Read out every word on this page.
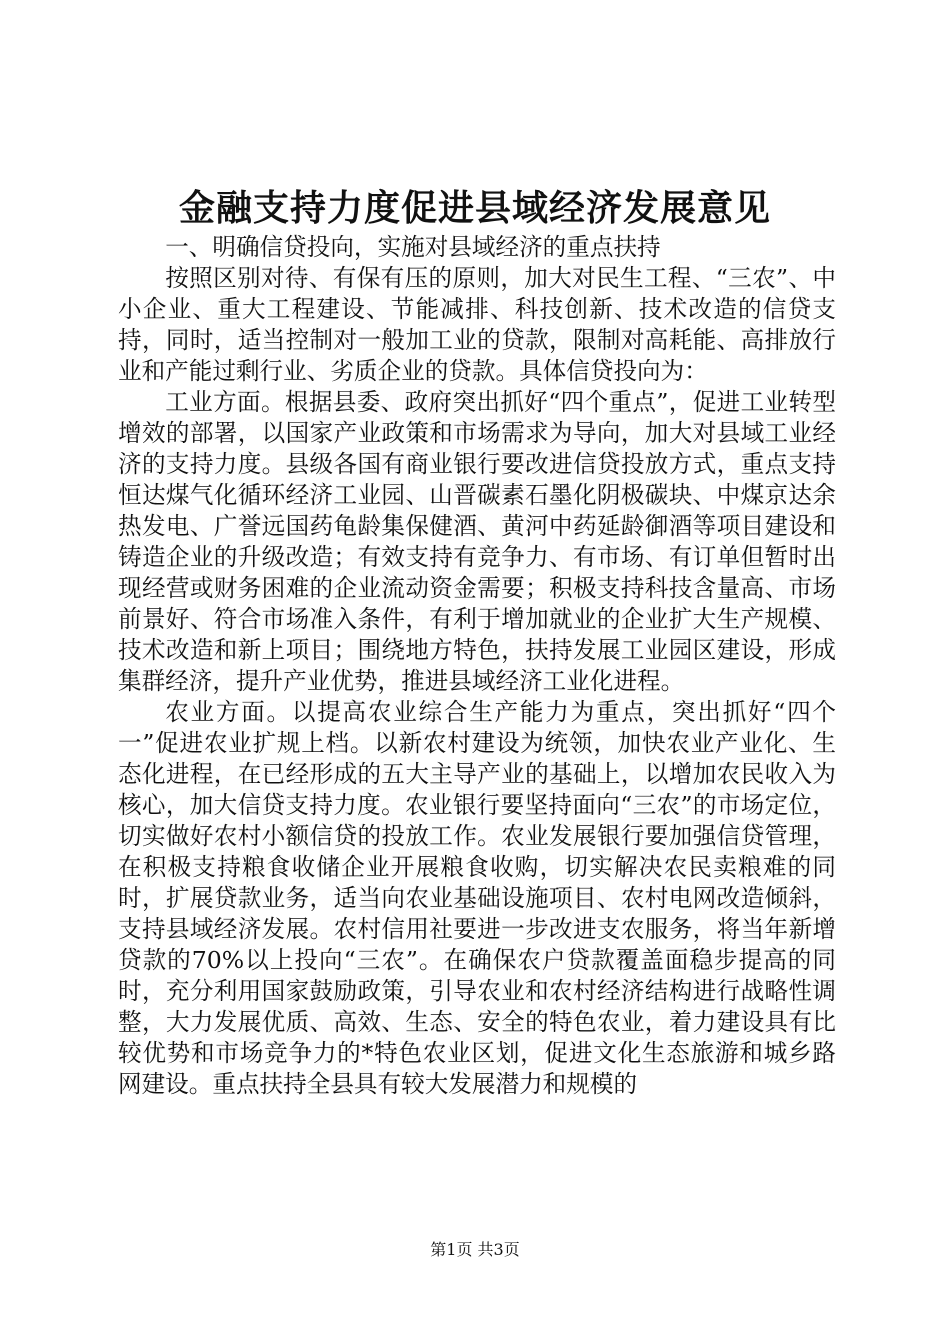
金融支持力度促进县域经济发展意见

一、明确信贷投向，实施对县域经济的重点扶持

按照区别对待、有保有压的原则，加大对民生工程、“三农”、中小企业、重大工程建设、节能减排、科技创新、技术改造的信贷支持，同时，适当控制对一般加工业的贷款，限制对高耗能、高排放行业和产能过剩行业、劣质企业的贷款。具体信贷投向为：

工业方面。根据县委、政府突出抓好“四个重点”，促进工业转型增效的部署，以国家产业政策和市场需求为导向，加大对县域工业经济的支持力度。县级各国有商业银行要改进信贷投放方式，重点支持恒达煤气化循环经济工业园、山晋碳素石墨化阴极碳块、中煤京达余热发电、广誉远国药龟龄集保健酒、黄河中药延龄御酒等项目建设和铸造企业的升级改造；有效支持有竞争力、有市场、有订单但暂时出现经营或财务困难的企业流动资金需要；积极支持科技含量高、市场前景好、符合市场准入条件，有利于增加就业的企业扩大生产规模、技术改造和新上项目；围绕地方特色，扶持发展工业园区建设，形成集群经济，提升产业优势，推进县域经济工业化进程。

农业方面。以提高农业综合生产能力为重点，突出抓好“四个一”促进农业扩规上档。以新农村建设为统领，加快农业产业化、生态化进程，在已经形成的五大主导产业的基础上，以增加农民收入为核心，加大信贷支持力度。农业银行要坚持面向“三农”的市场定位，切实做好农村小额信贷的投放工作。农业发展银行要加强信贷管理，在积极支持粮食收储企业开展粮食收购，切实解决农民卖粮难的同时，扩展贷款业务，适当向农业基础设施项目、农村电网改造倾斜，支持县域经济发展。农村信用社要进一步改进支农服务，将当年新增贷款的70%以上投向“三农”。在确保农户贷款覆盖面稳步提高的同时，充分利用国家鼓励政策，引导农业和农村经济结构进行战略性调整，大力发展优质、高效、生态、安全的特色农业，着力建设具有比较优势和市场竞争力的*特色农业区划，促进文化生态旅游和城乡路网建设。重点扶持全县具有较大发展潜力和规模的

第1页 共3页
